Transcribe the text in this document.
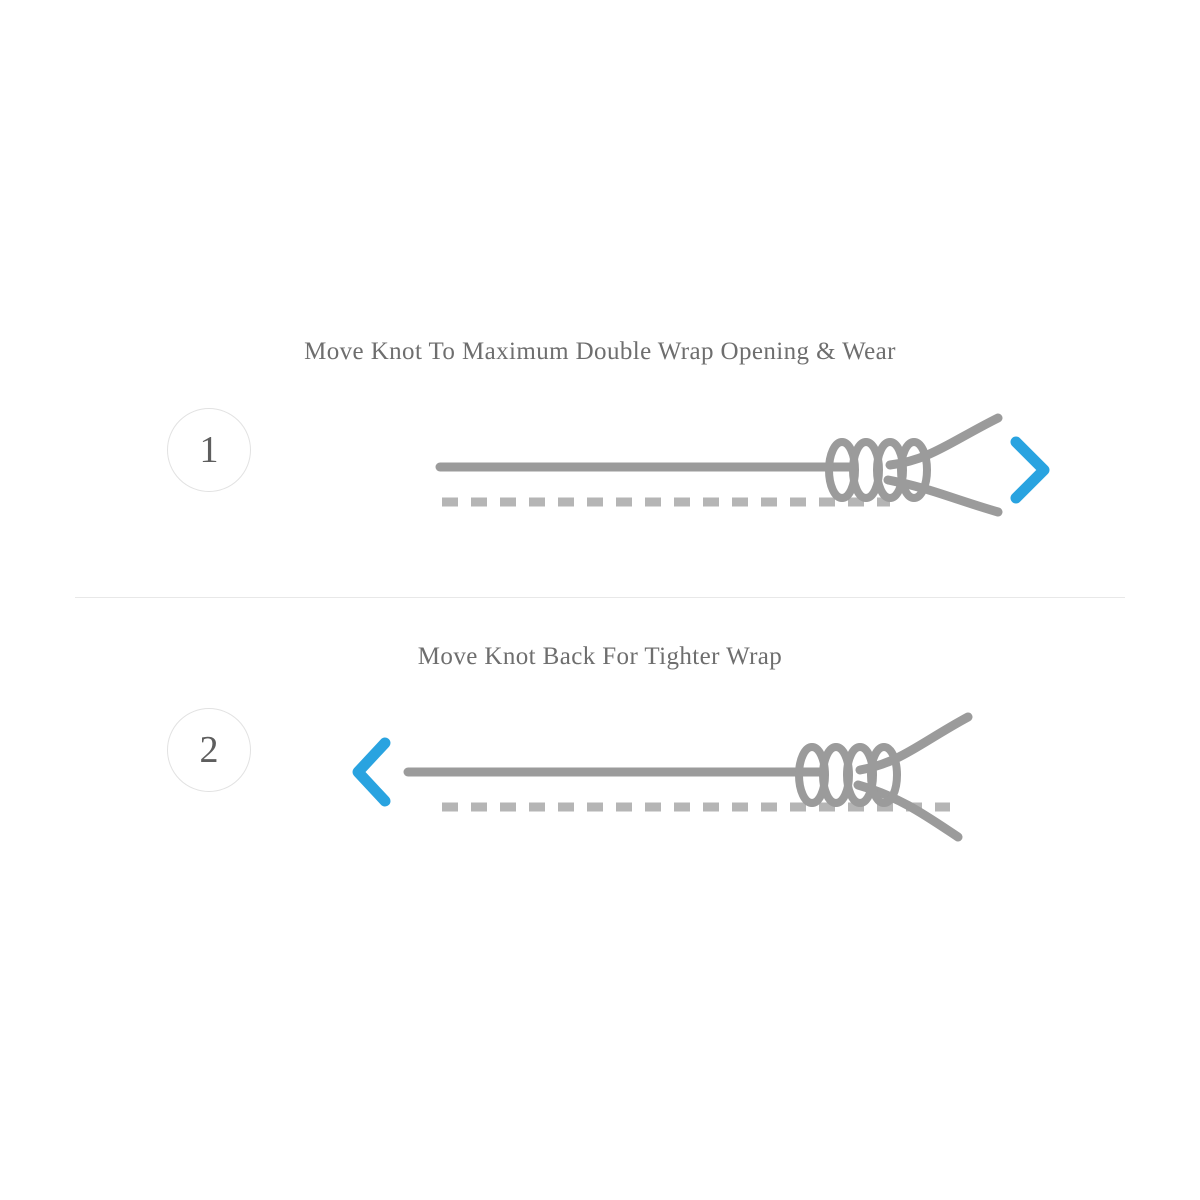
Move Knot To Maximum Double Wrap Opening & Wear
1
Move Knot Back For Tighter Wrap
2
